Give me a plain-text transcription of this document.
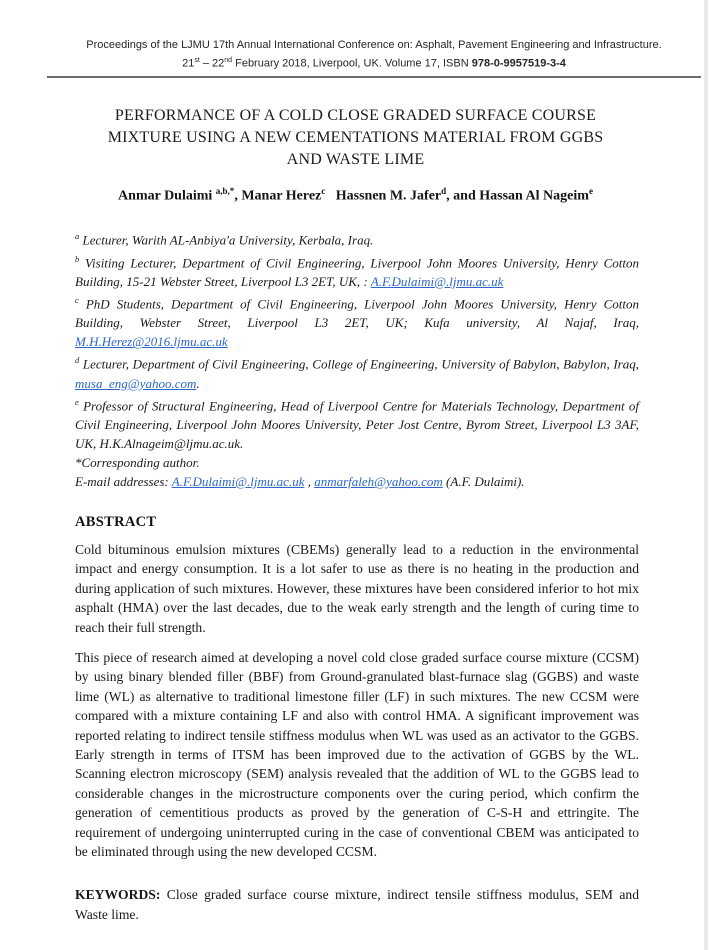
Proceedings of the LJMU 17th Annual International Conference on: Asphalt, Pavement Engineering and Infrastructure.
21st – 22nd February 2018, Liverpool, UK. Volume 17, ISBN 978-0-9957519-3-4
PERFORMANCE OF A COLD CLOSE GRADED SURFACE COURSE
MIXTURE USING A NEW CEMENTATIONS MATERIAL FROM GGBS
AND WASTE LIME
Anmar Dulaimi $^{a,b,*}$, Manar Herez$^c$ Hassnen M. Jafer$^d$, and Hassan Al Nageim$^e$

$^a$ Lecturer, Warith AL-Anbiya'a University, Kerbala, Iraq.

$^b$ Visiting Lecturer, Department of Civil Engineering, Liverpool John Moores University, Henry Cotton Building, 15-21 Webster Street, Liverpool L3 2ET, UK, : A.F.Dulaimi@.ljmu.ac.uk

$^c$ PhD Students, Department of Civil Engineering, Liverpool John Moores University, Henry Cotton Building, Webster Street, Liverpool L3 2ET, UK; Kufa university, Al Najaf, Iraq, M.H.Herez@2016.ljmu.ac.uk

$^d$ Lecturer, Department of Civil Engineering, College of Engineering, University of Babylon, Babylon, Iraq, musa_eng@yahoo.com.

$^e$ Professor of Structural Engineering, Head of Liverpool Centre for Materials Technology, Department of Civil Engineering, Liverpool John Moores University, Peter Jost Centre, Byrom Street, Liverpool L3 3AF, UK, H.K.Alnageim@ljmu.ac.uk.

*Corresponding author.

E-mail addresses: A.F.Dulaimi@.ljmu.ac.uk , anmarfaleh@yahoo.com (A.F. Dulaimi).

ABSTRACT

Cold bituminous emulsion mixtures (CBEMs) generally lead to a reduction in the environmental impact and energy consumption. It is a lot safer to use as there is no heating in the production and during application of such mixtures. However, these mixtures have been considered inferior to hot mix asphalt (HMA) over the last decades, due to the weak early strength and the length of curing time to reach their full strength.

This piece of research aimed at developing a novel cold close graded surface course mixture (CCSM) by using binary blended filler (BBF) from Ground-granulated blast-furnace slag (GGBS) and waste lime (WL) as alternative to traditional limestone filler (LF) in such mixtures. The new CCSM were compared with a mixture containing LF and also with control HMA. A significant improvement was reported relating to indirect tensile stiffness modulus when WL was used as an activator to the GGBS. Early strength in terms of ITSM has been improved due to the activation of GGBS by the WL. Scanning electron microscopy (SEM) analysis revealed that the addition of WL to the GGBS lead to considerable changes in the microstructure components over the curing period, which confirm the generation of cementitious products as proved by the generation of C-S-H and ettringite. The requirement of undergoing uninterrupted curing in the case of conventional CBEM was anticipated to be eliminated through using the new developed CCSM.

KEYWORDS: Close graded surface course mixture, indirect tensile stiffness modulus, SEM and Waste lime.
